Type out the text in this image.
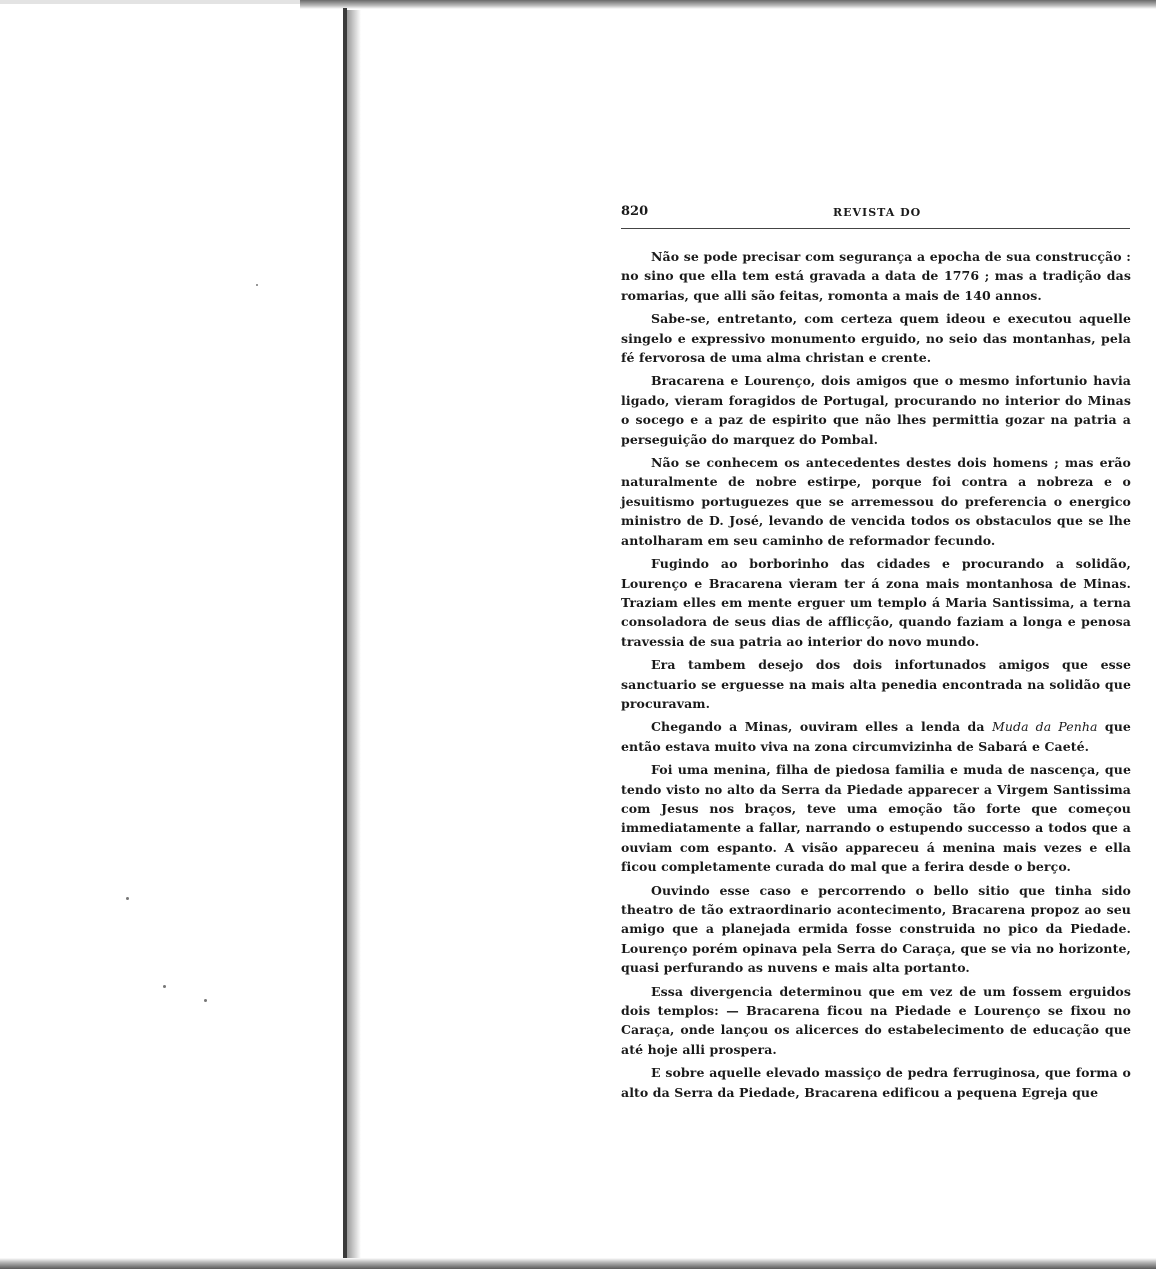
820	REVISTA DO

Não se pode precisar com segurança a epocha de sua construcção : no sino que ella tem está gravada a data de 1776 ; mas a tradição das romarias, que alli são feitas, romonta a mais de 140 annos.

Sabe-se, entretanto, com certeza quem ideou e executou aquelle singelo e expressivo monumento erguido, no seio das montanhas, pela fé fervorosa de uma alma christan e crente.

Bracarena e Lourenço, dois amigos que o mesmo infortunio havia ligado, vieram foragidos de Portugal, procurando no interior do Minas o socego e a paz de espirito que não lhes permittia gozar na patria a perseguição do marquez do Pombal.

Não se conhecem os antecedentes destes dois homens ; mas erão naturalmente de nobre estirpe, porque foi contra a nobreza e o jesuitismo portuguezes que se arremessou do preferencia o energico ministro de D. José, levando de vencida todos os obstaculos que se lhe antolharam em seu caminho de reformador fecundo.

Fugindo ao borborinho das cidades e procurando a solidão, Lourenço e Bracarena vieram ter á zona mais montanhosa de Minas. Traziam elles em mente erguer um templo á Maria Santissima, a terna consoladora de seus dias de afflicção, quando faziam a longa e penosa travessia de sua patria ao interior do novo mundo.

Era tambem desejo dos dois infortunados amigos que esse sanctuario se erguesse na mais alta penedia encontrada na solidão que procuravam.

Chegando a Minas, ouviram elles a lenda da Muda da Penha que então estava muito viva na zona circumvizinha de Sabará e Caeté.

Foi uma menina, filha de piedosa familia e muda de nascença, que tendo visto no alto da Serra da Piedade apparecer a Virgem Santissima com Jesus nos braços, teve uma emoção tão forte que começou immediatamente a fallar, narrando o estupendo successo a todos que a ouviam com espanto. A visão appareceu á menina mais vezes e ella ficou completamente curada do mal que a ferira desde o berço.

Ouvindo esse caso e percorrendo o bello sitio que tinha sido theatro de tão extraordinario acontecimento, Bracarena propoz ao seu amigo que a planejada ermida fosse construida no pico da Piedade. Lourenço porém opinava pela Serra do Caraça, que se via no horizonte, quasi perfurando as nuvens e mais alta portanto.

Essa divergencia determinou que em vez de um fossem erguidos dois templos: — Bracarena ficou na Piedade e Lourenço se fixou no Caraça, onde lançou os alicerces do estabelecimento de educação que até hoje alli prospera.

E sobre aquelle elevado massiço de pedra ferruginosa, que forma o alto da Serra da Piedade, Bracarena edificou a pequena Egreja que
